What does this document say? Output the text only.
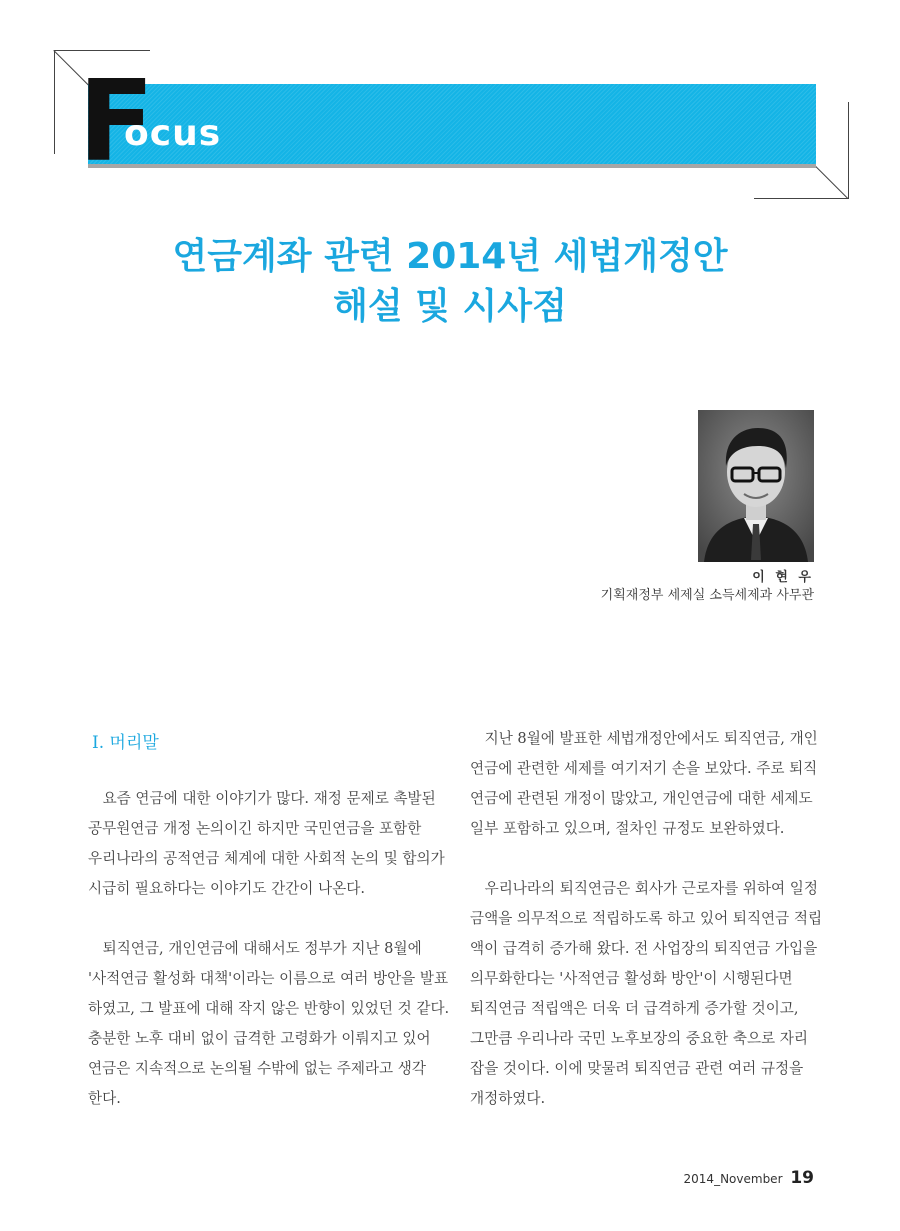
F
ocus
연금계좌 관련 2014년 세법개정안
해설 및 시사점
이 현 우
기획재정부 세제실 소득세제과 사무관
Ⅰ. 머리말

　요즘 연금에 대한 이야기가 많다. 재정 문제로 촉발된
공무원연금 개정 논의이긴 하지만 국민연금을 포함한
우리나라의 공적연금 체계에 대한 사회적 논의 및 합의가
시급히 필요하다는 이야기도 간간이 나온다.

　퇴직연금, 개인연금에 대해서도 정부가 지난 8월에
'사적연금 활성화 대책'이라는 이름으로 여러 방안을 발표
하였고, 그 발표에 대해 작지 않은 반향이 있었던 것 같다.
충분한 노후 대비 없이 급격한 고령화가 이뤄지고 있어
연금은 지속적으로 논의될 수밖에 없는 주제라고 생각
한다.

　지난 8월에 발표한 세법개정안에서도 퇴직연금, 개인
연금에 관련한 세제를 여기저기 손을 보았다. 주로 퇴직
연금에 관련된 개정이 많았고, 개인연금에 대한 세제도
일부 포함하고 있으며, 절차인 규정도 보완하였다.

　우리나라의 퇴직연금은 회사가 근로자를 위하여 일정
금액을 의무적으로 적립하도록 하고 있어 퇴직연금 적립
액이 급격히 증가해 왔다. 전 사업장의 퇴직연금 가입을
의무화한다는 '사적연금 활성화 방안'이 시행된다면
퇴직연금 적립액은 더욱 더 급격하게 증가할 것이고,
그만큼 우리나라 국민 노후보장의 중요한 축으로 자리
잡을 것이다. 이에 맞물려 퇴직연금 관련 여러 규정을
개정하였다.

2014_November 19
